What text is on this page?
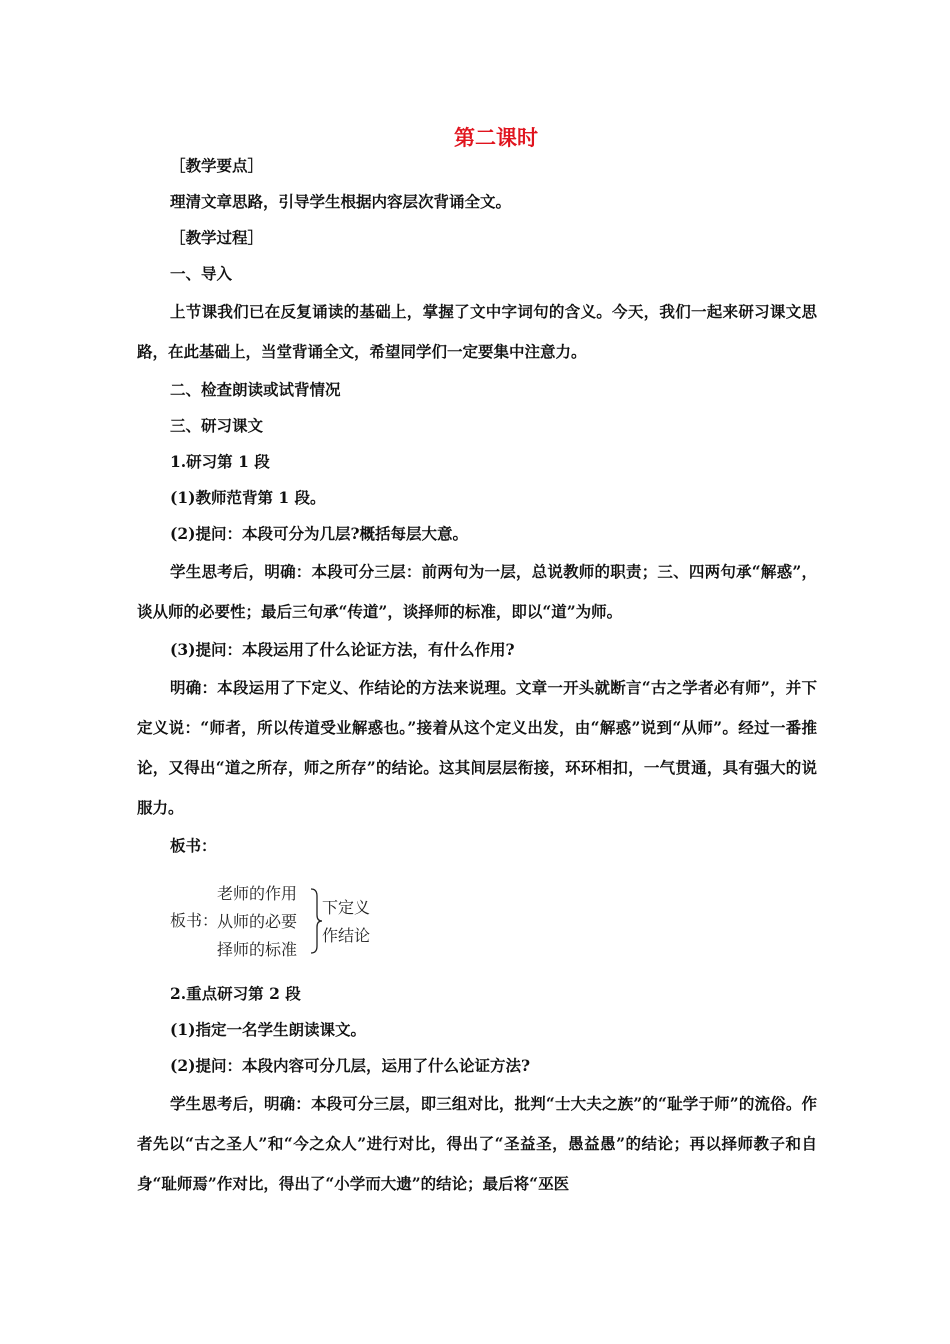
第二课时

［教学要点］

理清文章思路，引导学生根据内容层次背诵全文。

［教学过程］

一、导入

上节课我们已在反复诵读的基础上，掌握了文中字词句的含义。今天，我们一起来研习课文思路，在此基础上，当堂背诵全文，希望同学们一定要集中注意力。

二、检查朗读或试背情况

三、研习课文

1.研习第 1 段

(1)教师范背第 1 段。

(2)提问：本段可分为几层?概括每层大意。

学生思考后，明确：本段可分三层：前两句为一层，总说教师的职责；三、四两句承“解惑”，谈从师的必要性；最后三句承“传道”，谈择师的标准，即以“道”为师。

(3)提问：本段运用了什么论证方法，有什么作用?

明确：本段运用了下定义、作结论的方法来说理。文章一开头就断言“古之学者必有师”，并下定义说：“师者，所以传道受业解惑也。”接着从这个定义出发，由“解惑”说到“从师”。经过一番推论，又得出“道之所存，师之所存”的结论。这其间层层衔接，环环相扣，一气贯通，具有强大的说服力。

板书：

板书：
老师的作用
从师的必要
择师的标准
下定义
作结论

2.重点研习第 2 段

(1)指定一名学生朗读课文。

(2)提问：本段内容可分几层，运用了什么论证方法?

学生思考后，明确：本段可分三层，即三组对比，批判“士大夫之族”的“耻学于师”的流俗。作者先以“古之圣人”和“今之众人”进行对比，得出了“圣益圣，愚益愚”的结论；再以择师教子和自身“耻师焉”作对比，得出了“小学而大遗”的结论；最后将“巫医
